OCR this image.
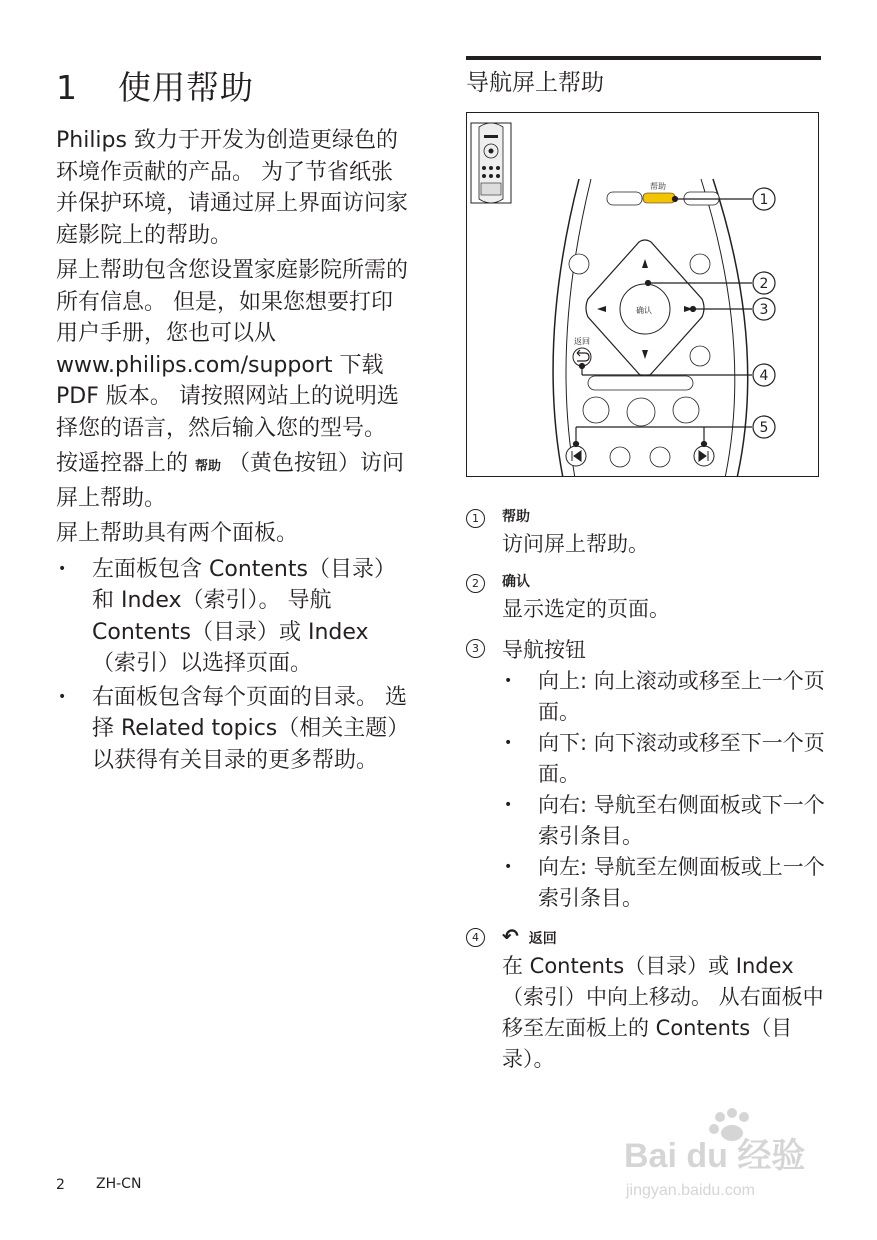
1 使用帮助

Philips 致力于开发为创造更绿色的环境作贡献的产品。 为了节省纸张并保护环境，请通过屏上界面访问家庭影院上的帮助。

屏上帮助包含您设置家庭影院所需的所有信息。 但是，如果您想要打印用户手册，您也可以从 www.philips.com/support 下载 PDF 版本。 请按照网站上的说明选择您的语言，然后输入您的型号。

按遥控器上的 帮助 （黄色按钮）访问屏上帮助。

屏上帮助具有两个面板。

• 左面板包含 Contents（目录）和 Index（索引）。 导航 Contents（目录）或 Index（索引）以选择页面。
• 右面板包含每个页面的目录。 选择 Related topics（相关主题）以获得有关目录的更多帮助。
导航屏上帮助
帮助
确认
返回
1
2
3
4
5
1	帮助
访问屏上帮助。
2	确认
显示选定的页面。
3 导航按钮
• 向上: 向上滚动或移至上一个页面。
• 向下: 向下滚动或移至下一个页面。
• 向右: 导航至右侧面板或下一个索引条目。
• 向左: 导航至左侧面板或上一个索引条目。
4	↶ 返回
在 Contents（目录）或 Index（索引）中向上移动。 从右面板中移至左面板上的 Contents（目录）。
2 ZH-CN
Bai du 经验
jingyan.baidu.com
